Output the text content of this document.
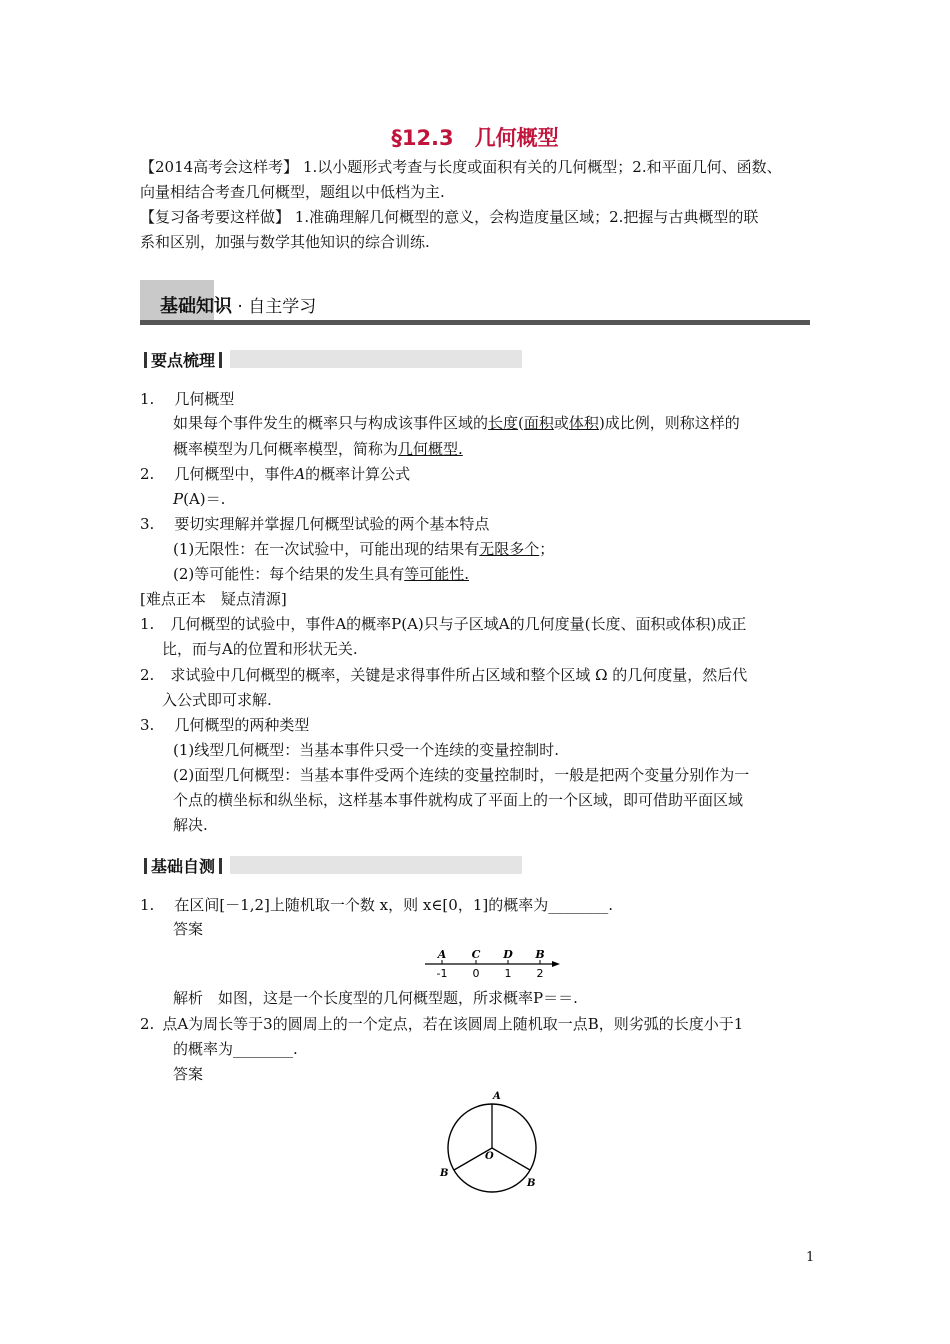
§12.3　几何概型
【2014高考会这样考】 1.以小题形式考查与长度或面积有关的几何概型；2.和平面几何、函数、
向量相结合考查几何概型，题组以中低档为主.
【复习备考要这样做】 1.准确理解几何概型的意义，会构造度量区域；2.把握与古典概型的联
系和区别，加强与数学其他知识的综合训练.
基础知识 · 自主学习
要点梳理
1. 几何概型
如果每个事件发生的概率只与构成该事件区域的长度(面积或体积)成比例，则称这样的
概率模型为几何概率模型，简称为几何概型.
2. 几何概型中，事件A的概率计算公式
P(A)＝.
3. 要切实理解并掌握几何概型试验的两个基本特点
(1)无限性：在一次试验中，可能出现的结果有无限多个；
(2)等可能性：每个结果的发生具有等可能性.
[难点正本　疑点清源]
1. 几何概型的试验中，事件A的概率P(A)只与子区域A的几何度量(长度、面积或体积)成正
比，而与A的位置和形状无关.
2. 求试验中几何概型的概率，关键是求得事件所占区域和整个区域 Ω 的几何度量，然后代
入公式即可求解.
3. 几何概型的两种类型
(1)线型几何概型：当基本事件只受一个连续的变量控制时.
(2)面型几何概型：当基本事件受两个连续的变量控制时，一般是把两个变量分别作为一
个点的横坐标和纵坐标，这样基本事件就构成了平面上的一个区域，即可借助平面区域
解决.
基础自测
1. 在区间[－1,2]上随机取一个数 x，则 x∈[0，1]的概率为________.
答案
A C D B
-1 0 1 2
解析　如图，这是一个长度型的几何概型题，所求概率P＝＝.
2. 点A为周长等于3的圆周上的一个定点，若在该圆周上随机取一点B，则劣弧的长度小于1
的概率为________.
答案
A
O
B
B
1
